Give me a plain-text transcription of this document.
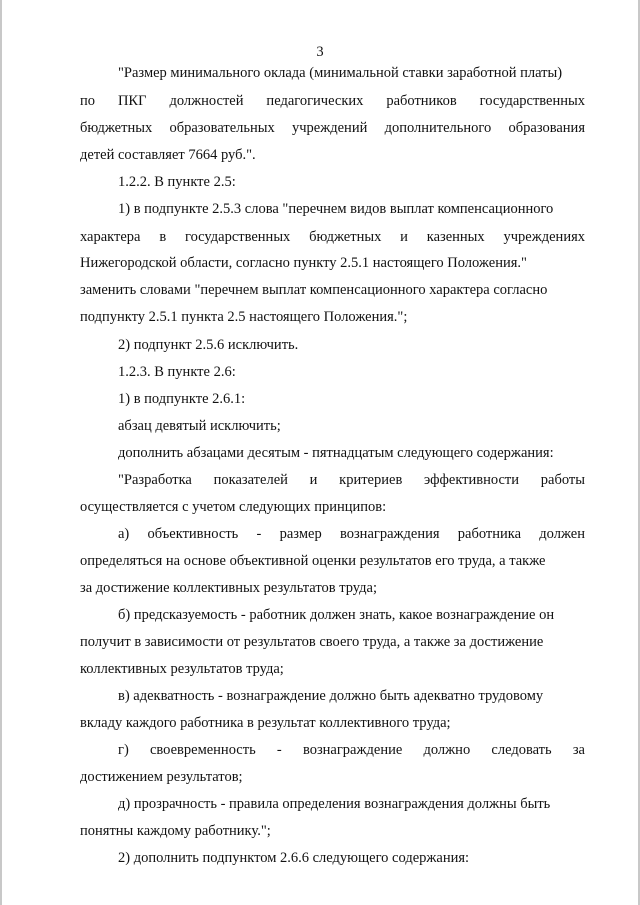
3
"Размер минимального оклада (минимальной ставки заработной платы)
по ПКГ должностей педагогических работников государственных
бюджетных образовательных учреждений дополнительного образования
детей составляет 7664 руб.".
1.2.2. В пункте 2.5:
1) в подпункте 2.5.3 слова "перечнем видов выплат компенсационного
характера в государственных бюджетных и казенных учреждениях
Нижегородской области, согласно пункту 2.5.1 настоящего Положения."
заменить словами "перечнем выплат компенсационного характера согласно
подпункту 2.5.1 пункта 2.5 настоящего Положения.";
2) подпункт 2.5.6 исключить.
1.2.3. В пункте 2.6:
1) в подпункте 2.6.1:
абзац девятый исключить;
дополнить абзацами десятым - пятнадцатым следующего содержания:
"Разработка показателей и критериев эффективности работы
осуществляется с учетом следующих принципов:
а) объективность - размер вознаграждения работника должен
определяться на основе объективной оценки результатов его труда, а также
за достижение коллективных результатов труда;
б) предсказуемость - работник должен знать, какое вознаграждение он
получит в зависимости от результатов своего труда, а также за достижение
коллективных результатов труда;
в) адекватность - вознаграждение должно быть адекватно трудовому
вкладу каждого работника в результат коллективного труда;
г) своевременность - вознаграждение должно следовать за
достижением результатов;
д) прозрачность - правила определения вознаграждения должны быть
понятны каждому работнику.";
2) дополнить подпунктом 2.6.6 следующего содержания:
